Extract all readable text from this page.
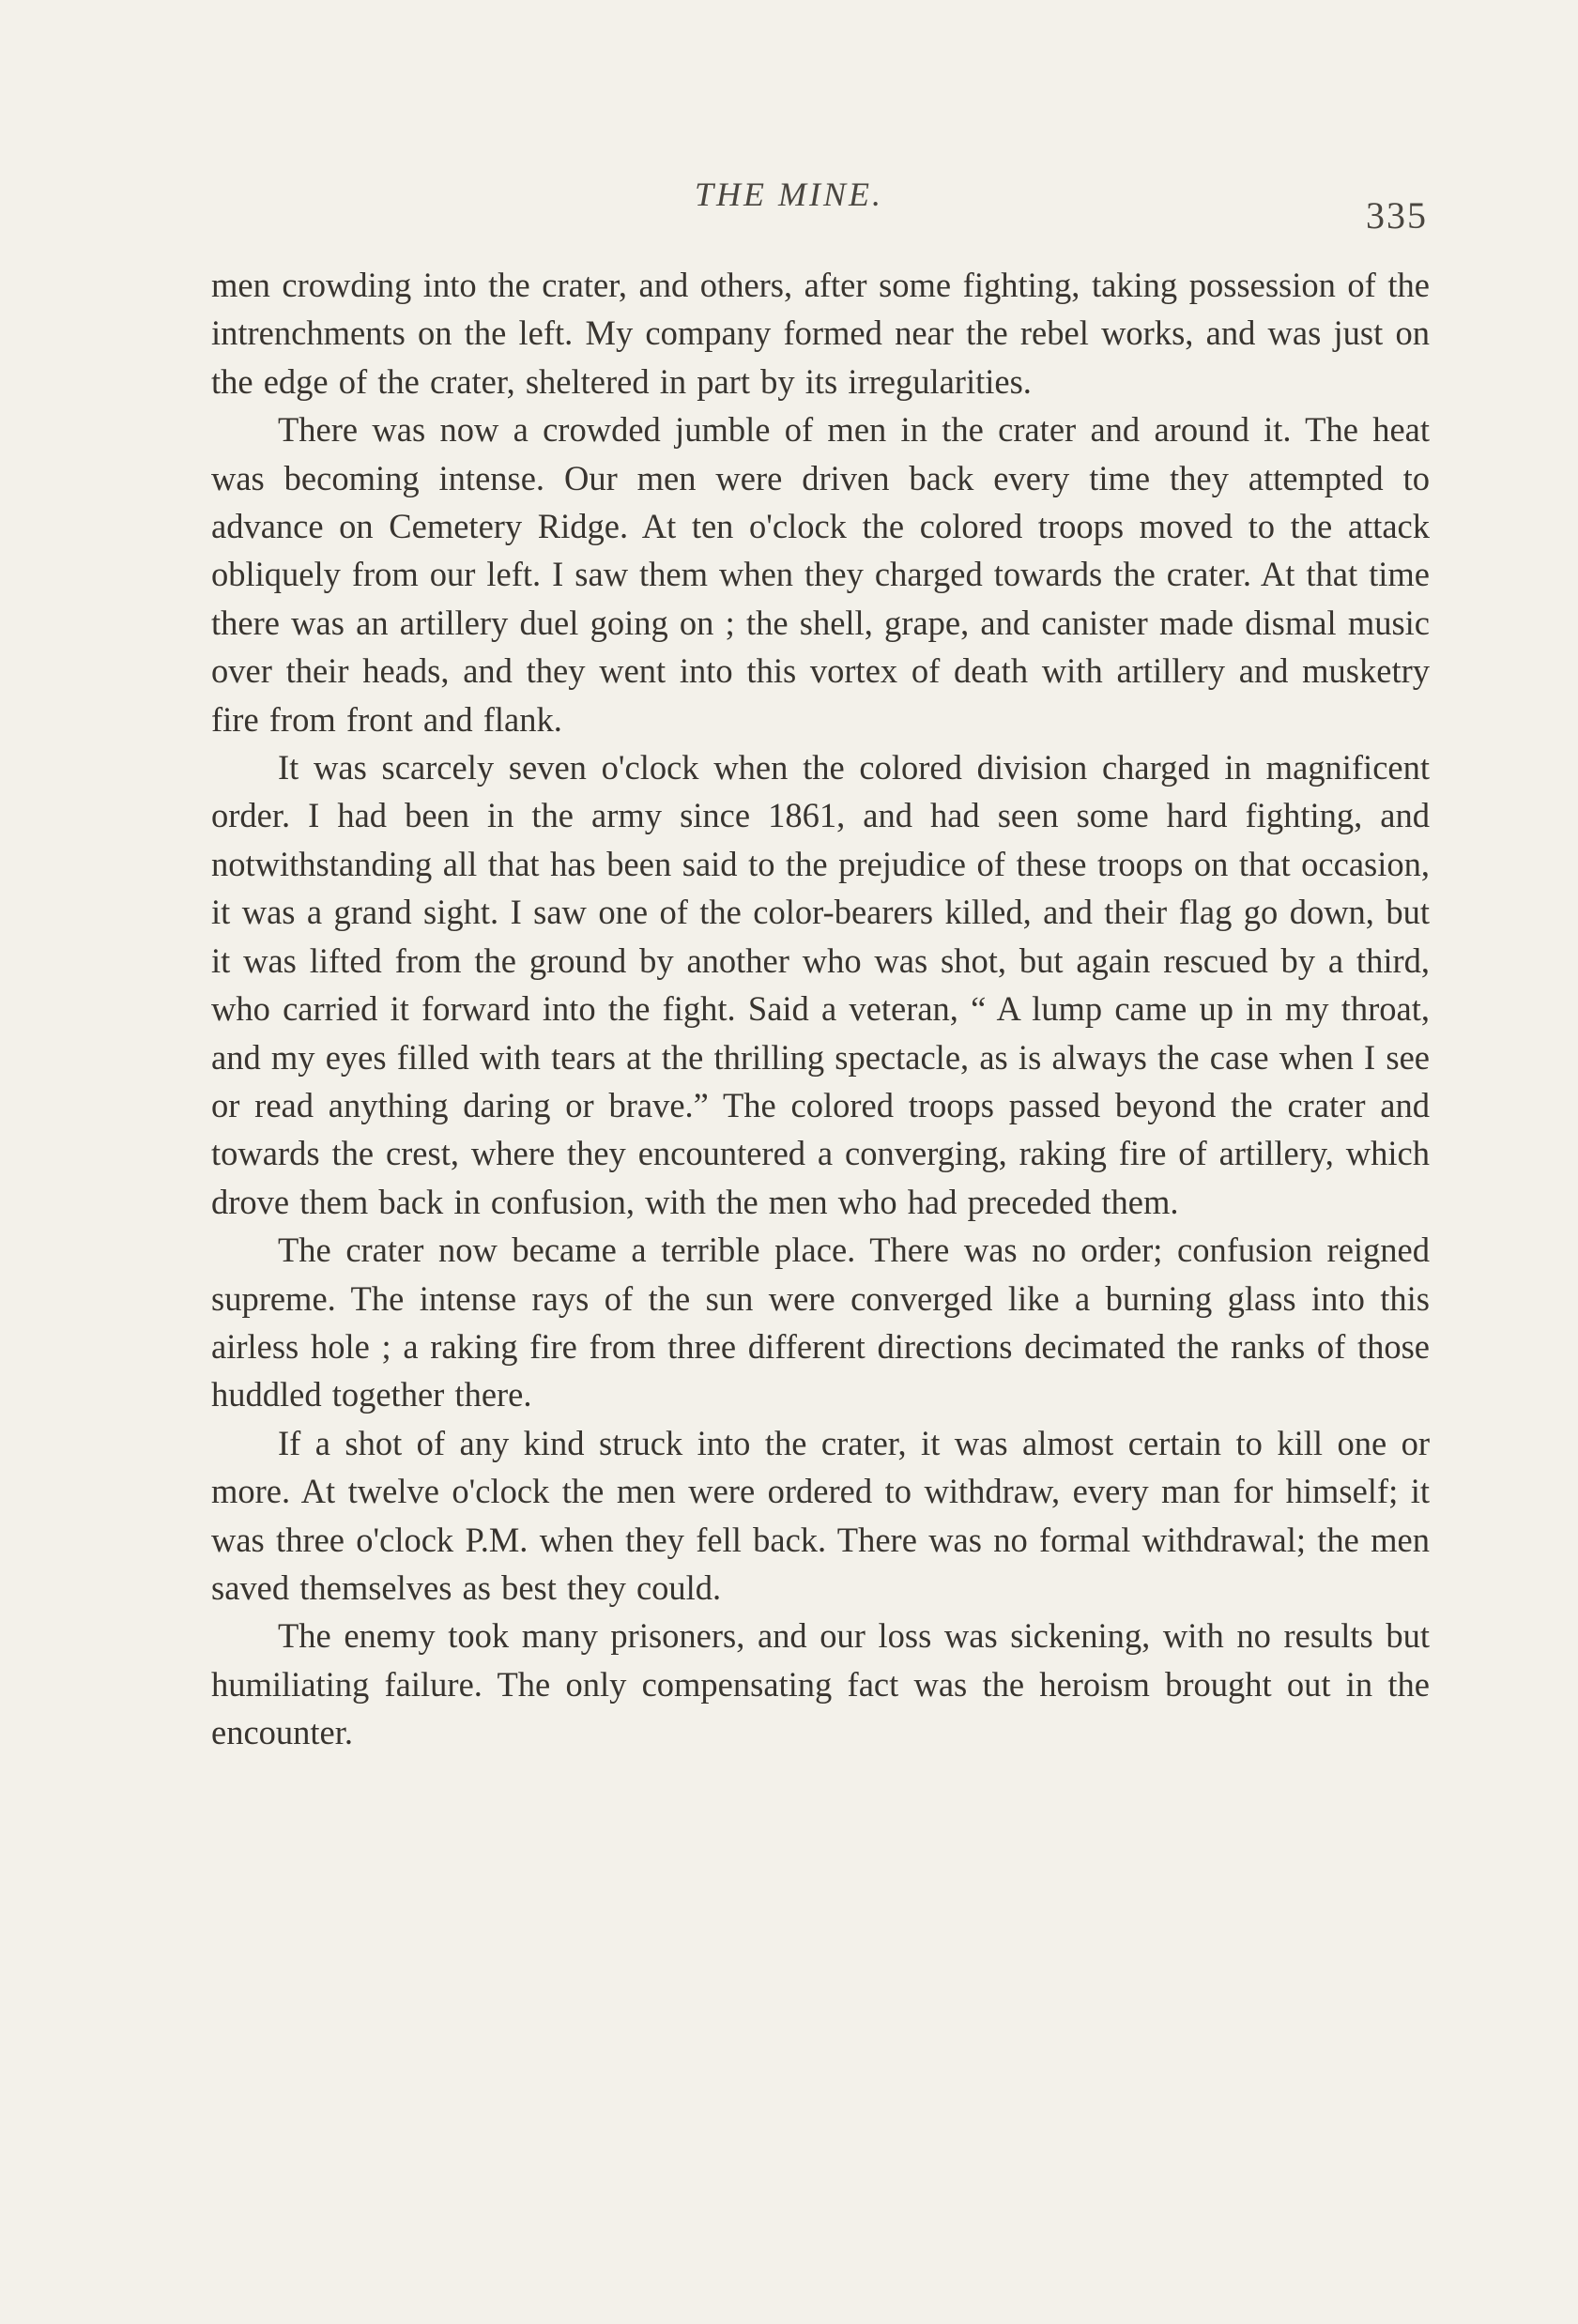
THE MINE.	335

men crowding into the crater, and others, after some fighting, taking possession of the intrenchments on the left. My company formed near the rebel works, and was just on the edge of the crater, sheltered in part by its irregularities.

There was now a crowded jumble of men in the crater and around it. The heat was becoming intense. Our men were driven back every time they attempted to advance on Cemetery Ridge. At ten o'clock the colored troops moved to the attack obliquely from our left. I saw them when they charged towards the crater. At that time there was an artillery duel going on ; the shell, grape, and canister made dismal music over their heads, and they went into this vortex of death with artillery and musketry fire from front and flank.

It was scarcely seven o'clock when the colored division charged in magnificent order. I had been in the army since 1861, and had seen some hard fighting, and notwithstanding all that has been said to the prejudice of these troops on that occasion, it was a grand sight. I saw one of the color-bearers killed, and their flag go down, but it was lifted from the ground by another who was shot, but again rescued by a third, who carried it forward into the fight. Said a veteran, “ A lump came up in my throat, and my eyes filled with tears at the thrilling spectacle, as is always the case when I see or read anything daring or brave.” The colored troops passed beyond the crater and towards the crest, where they encountered a converging, raking fire of artillery, which drove them back in confusion, with the men who had preceded them.

The crater now became a terrible place. There was no order; confusion reigned supreme. The intense rays of the sun were converged like a burning glass into this airless hole ; a raking fire from three different directions decimated the ranks of those huddled together there.

If a shot of any kind struck into the crater, it was almost certain to kill one or more. At twelve o'clock the men were ordered to withdraw, every man for himself; it was three o'clock P.M. when they fell back. There was no formal withdrawal; the men saved themselves as best they could.

The enemy took many prisoners, and our loss was sickening, with no results but humiliating failure. The only compensating fact was the heroism brought out in the encounter.
